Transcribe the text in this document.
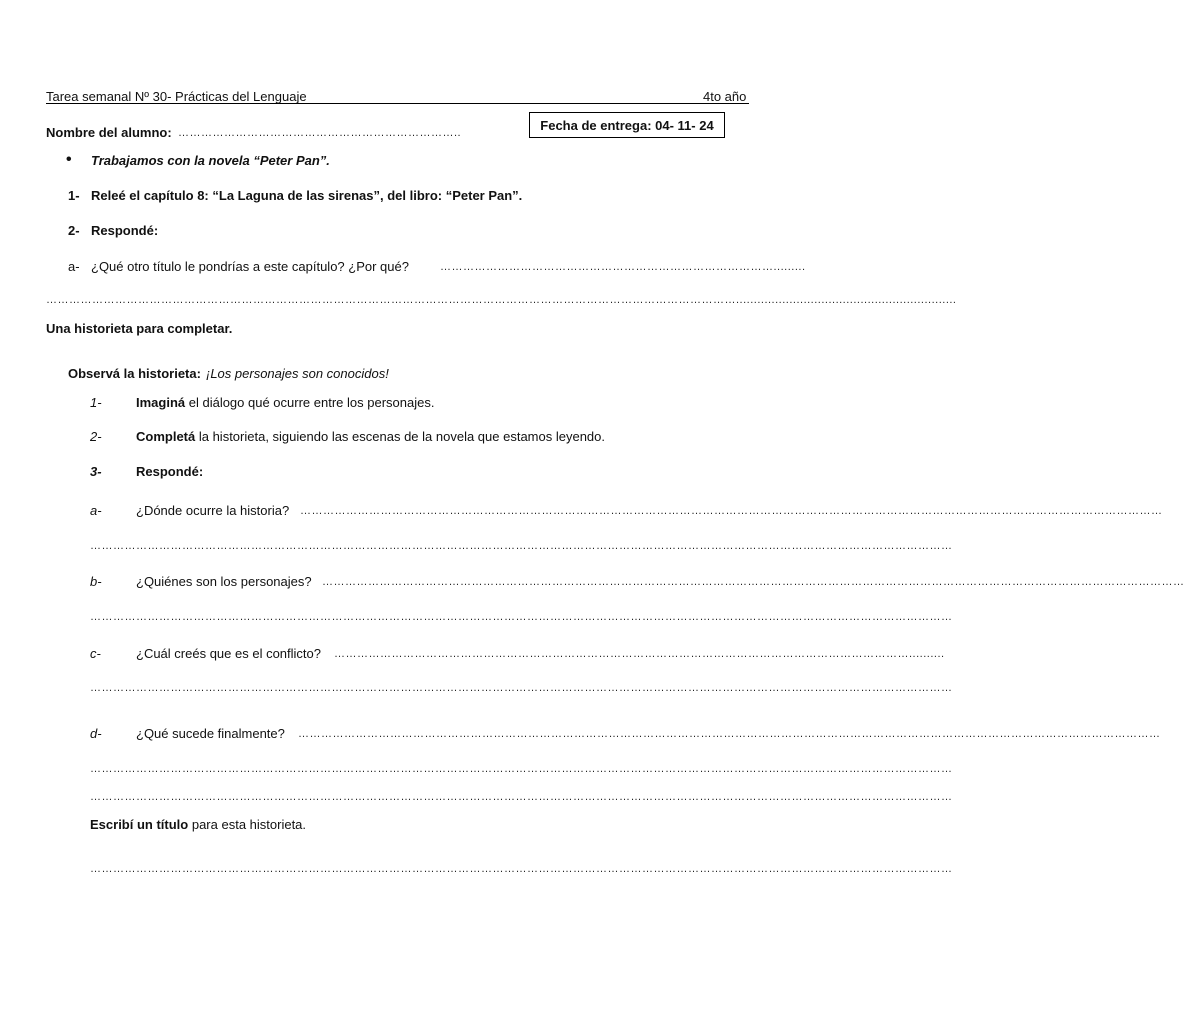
Tarea semanal Nº 30- Prácticas del Lenguaje	4to año
Fecha de entrega: 04- 11- 24
Nombre del alumno: ………………………………………………………………..
• Trabajamos con la novela “Peter Pan”.
1- Releé el capítulo 8: “La Laguna de las sirenas”, del libro: “Peter Pan”.
2- Respondé:
a- ¿Qué otro título le pondrías a este capítulo? ¿Por qué?	…………………………………………………………………………….........
………………………………………………………………………………………………………………………………………………………………..............................................................
Una historieta para completar.
Observá la historieta: ¡Los personajes son conocidos!
1-	Imaginá el diálogo qué ocurre entre los personajes.
2-	Completá la historieta, siguiendo las escenas de la novela que estamos leyendo.
3-	Respondé:
a-	¿Dónde ocurre la historia? ………………………………………………………………………………………………………………………………………………………………………………………………………
………………………………………………………………………………………………………………………………………………………………………………………………………
b-	¿Quiénes son los personajes? ………………………………………………………………………………………………………………………………………………………………………………………………………
………………………………………………………………………………………………………………………………………………………………………………………………………
c-	¿Cuál creés que es el conflicto? ……………………………………………………………………………………………………………………………………..........
………………………………………………………………………………………………………………………………………………………………………………………………………
d-	¿Qué sucede finalmente? ………………………………………………………………………………………………………………………………………………………………………………………………………
………………………………………………………………………………………………………………………………………………………………………………………………………
………………………………………………………………………………………………………………………………………………………………………………………………………
Escribí un título para esta historieta.
………………………………………………………………………………………………………………………………………………………………………………………………………
